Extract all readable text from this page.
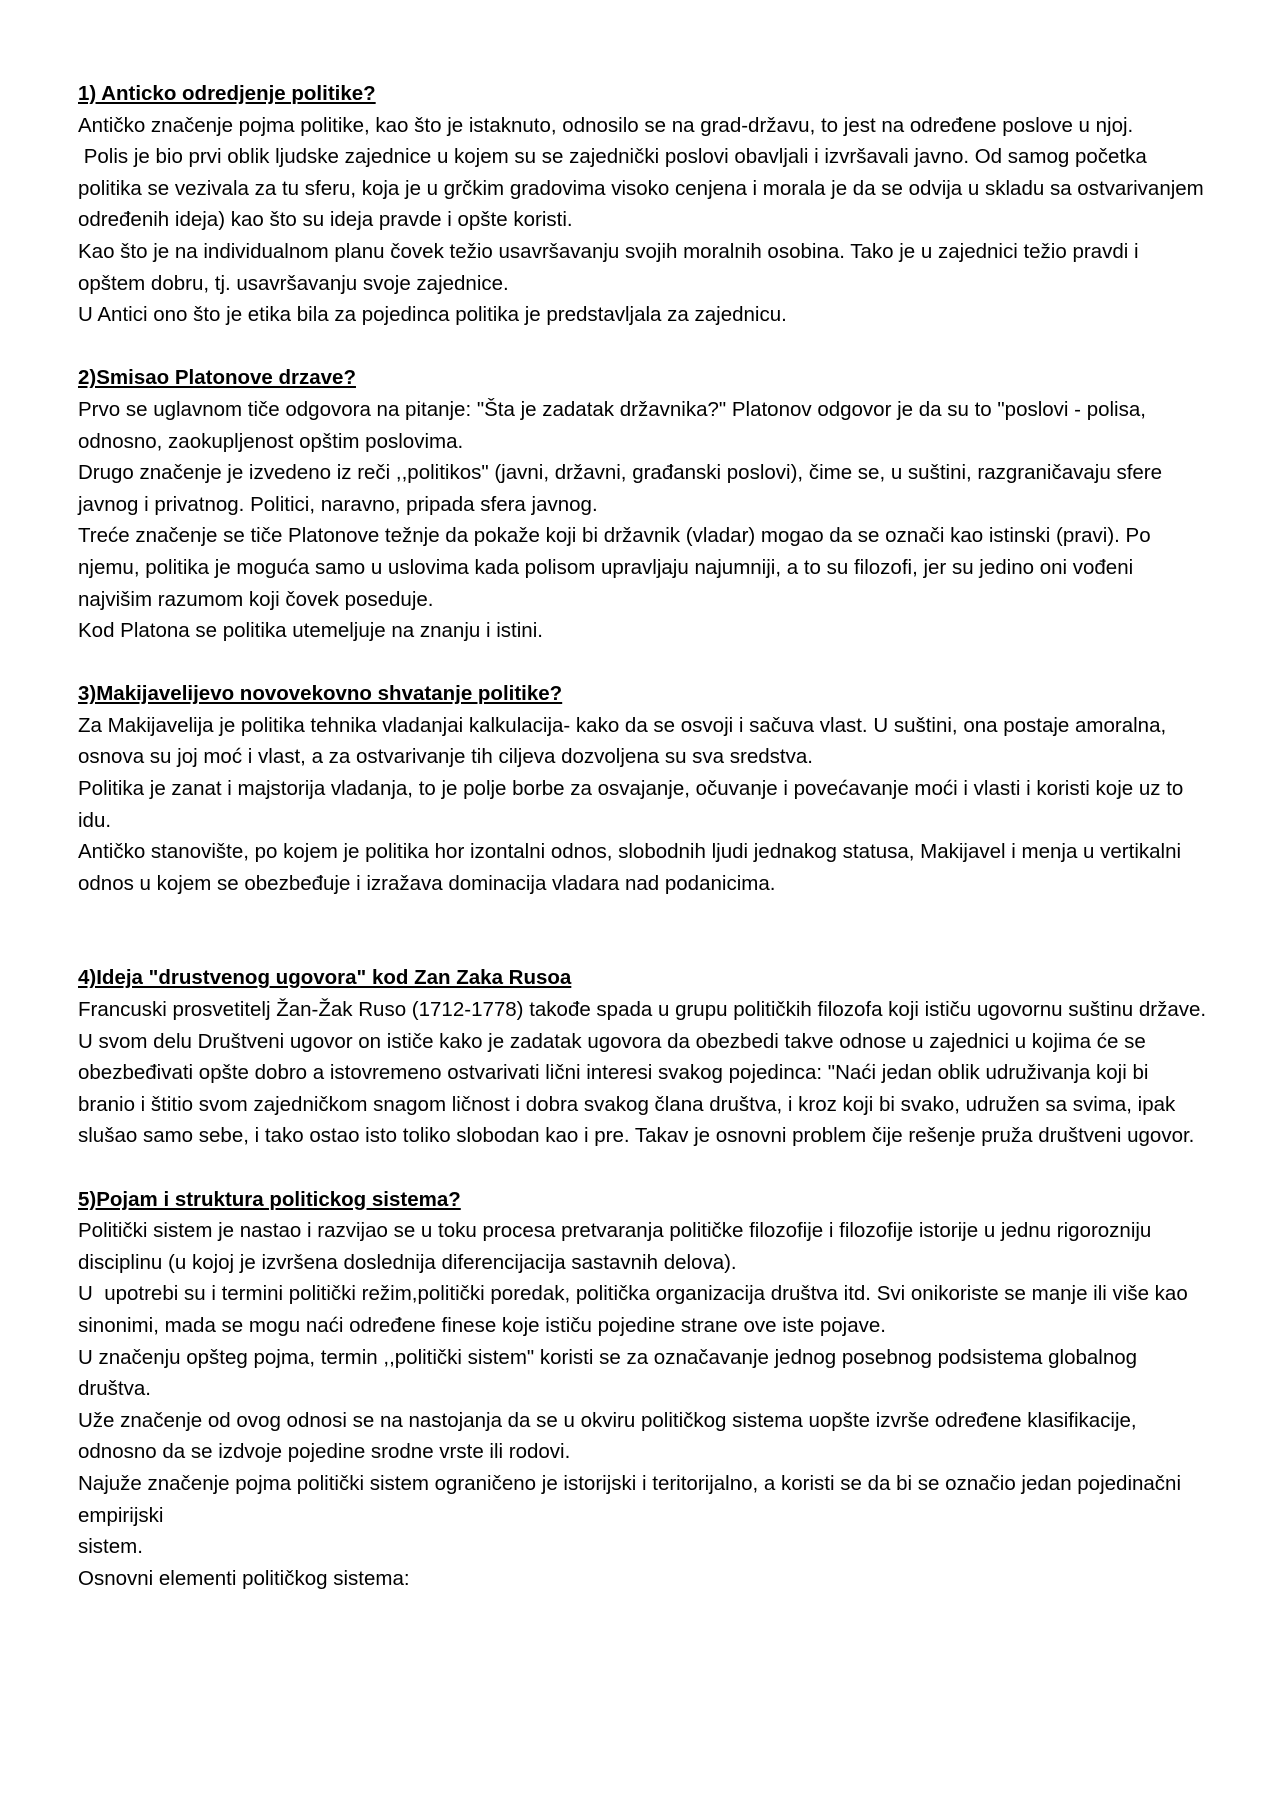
1) Anticko odredjenje politike?

Antičko značenje pojma politike, kao što je istaknuto, odnosilo se na grad-državu, to jest na određene poslove u njoj.

Polis je bio prvi oblik ljudske zajednice u kojem su se zajednički poslovi obavljali i izvršavali javno. Od samog početka politika se vezivala za tu sferu, koja je u grčkim gradovima visoko cenjena i morala je da se odvija u skladu sa ostvarivanjem određenih ideja) kao što su ideja pravde i opšte koristi.

Kao što je na individualnom planu čovek težio usavršavanju svojih moralnih osobina. Tako je u zajednici težio pravdi i opštem dobru, tj. usavršavanju svoje zajednice.

U Antici ono što je etika bila za pojedinca politika je predstavljala za zajednicu.

2)Smisao Platonove drzave?

Prvo se uglavnom tiče odgovora na pitanje: "Šta je zadatak državnika?" Platonov odgovor je da su to "poslovi - polisa, odnosno, zaokupljenost opštim poslovima.

Drugo značenje je izvedeno iz reči ,,politikos" (javni, državni, građanski poslovi), čime se, u suštini, razgraničavaju sfere javnog i privatnog. Politici, naravno, pripada sfera javnog.

Treće značenje se tiče Platonove težnje da pokaže koji bi državnik (vladar) mogao da se označi kao istinski (pravi). Po njemu, politika je moguća samo u uslovima kada polisom upravljaju najumniji, a to su filozofi, jer su jedino oni vođeni najvišim razumom koji čovek poseduje.

Kod Platona se politika utemeljuje na znanju i istini.

3)Makijavelijevo novovekovno shvatanje politike?

Za Makijavelija je politika tehnika vladanjai kalkulacija- kako da se osvoji i sačuva vlast. U suštini, ona postaje amoralna, osnova su joj moć i vlast, a za ostvarivanje tih ciljeva dozvoljena su sva sredstva.

Politika je zanat i majstorija vladanja, to je polje borbe za osvajanje, očuvanje i povećavanje moći i vlasti i koristi koje uz to idu.

Antičko stanovište, po kojem je politika hor izontalni odnos, slobodnih ljudi jednakog statusa, Makijavel i menja u vertikalni odnos u kojem se obezbeđuje i izražava dominacija vladara nad podanicima.

4)Ideja "drustvenog ugovora" kod Zan Zaka Rusoa

Francuski prosvetitelj Žan-Žak Ruso (1712-1778) takođe spada u grupu političkih filozofa koji ističu ugovornu suštinu države.

U svom delu Društveni ugovor on ističe kako je zadatak ugovora da obezbedi takve odnose u zajednici u kojima će se obezbeđivati opšte dobro a istovremeno ostvarivati lični interesi svakog pojedinca: "Naći jedan oblik udruživanja koji bi branio i štitio svom zajedničkom snagom ličnost i dobra svakog člana društva, i kroz koji bi svako, udružen sa svima, ipak slušao samo sebe, i tako ostao isto toliko slobodan kao i pre. Takav je osnovni problem čije rešenje pruža društveni ugovor.

5)Pojam i struktura politickog sistema?

Politički sistem je nastao i razvijao se u toku procesa pretvaranja političke filozofije i filozofije istorije u jednu rigorozniju disciplinu (u kojoj je izvršena doslednija diferencijacija sastavnih delova).

U  upotrebi su i termini politički režim,politički poredak, politička organizacija društva itd. Svi onikoriste se manje ili više kao sinonimi, mada se mogu naći određene finese koje ističu pojedine strane ove iste pojave.

U značenju opšteg pojma, termin ,,politički sistem" koristi se za označavanje jednog posebnog podsistema globalnog društva.

Uže značenje od ovog odnosi se na nastojanja da se u okviru političkog sistema uopšte izvrše određene klasifikacije, odnosno da se izdvoje pojedine srodne vrste ili rodovi.

Najuže značenje pojma politički sistem ograničeno je istorijski i teritorijalno, a koristi se da bi se označio jedan pojedinačni empirijski

sistem.

Osnovni elementi političkog sistema:
